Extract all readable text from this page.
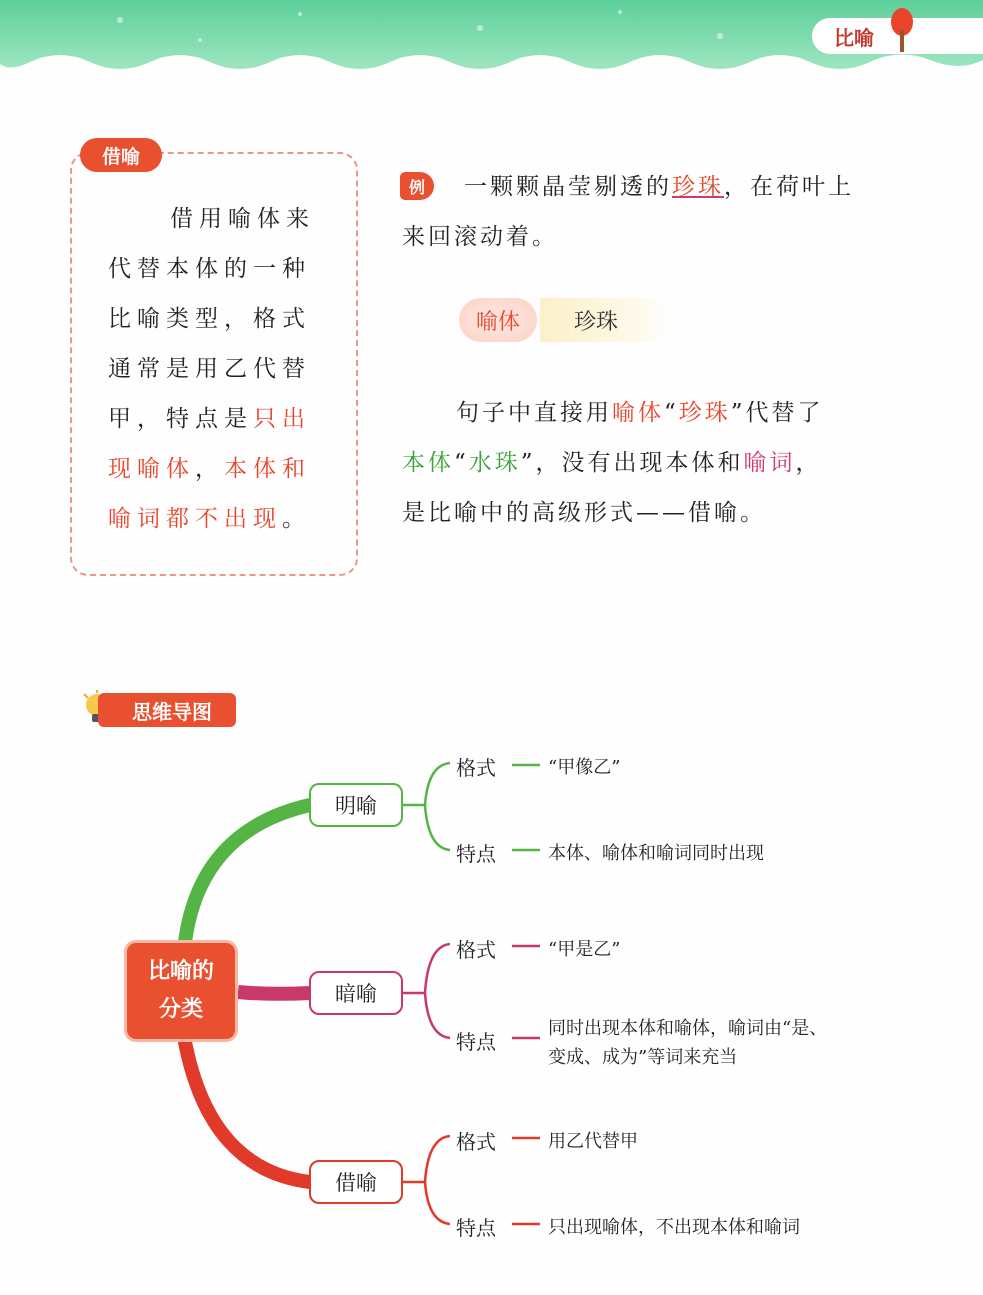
比喻
借喻
借用喻体来
代替本体的一种
比喻类型，格式
通常是用乙代替
甲，特点是只出
现喻体，本体和
喻词都不出现。
例	一颗颗晶莹剔透的珍珠，在荷叶上
来回滚动着。
珍珠
喻体
句子中直接用喻体“珍珠”代替了
本体“水珠”，没有出现本体和喻词，
是比喻中的高级形式——借喻。
思维导图
比喻的
分类
明喻
暗喻
借喻
格式	“甲像乙”
特点	本体、喻体和喻词同时出现
格式	“甲是乙”
特点
同时出现本体和喻体，喻词由“是、
变成、成为”等词来充当
格式	用乙代替甲
特点	只出现喻体，不出现本体和喻词
